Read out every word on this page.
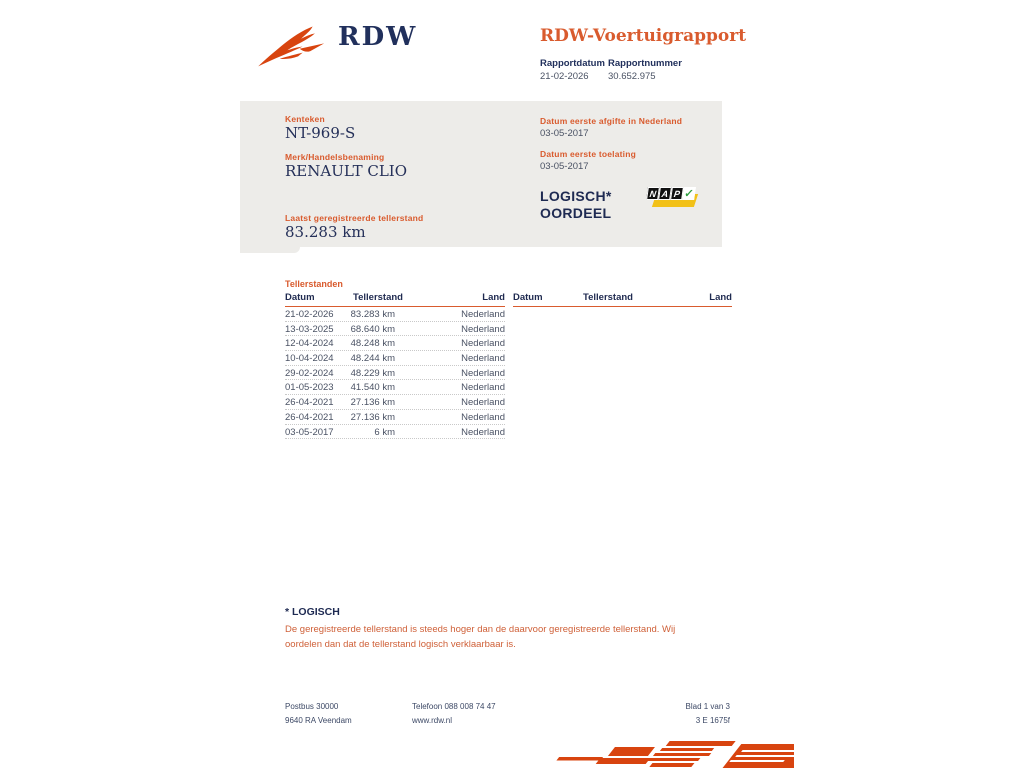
RDW	RDW-Voertuigrapport
Rapportdatum
21-02-2026
Rapportnummer
30.652.975
Kenteken
NT-969-S
Merk/Handelsbenaming
RENAULT CLIO
Laatst geregistreerde tellerstand
83.283 km
Datum eerste afgifte in Nederland
03-05-2017
Datum eerste toelating
03-05-2017
LOGISCH*
OORDEEL
N A P ✓
Tellerstanden
Datum	Tellerstand	Land
21-02-2026 83.283 km	Nederland
13-03-2025 68.640 km	Nederland
12-04-2024 48.248 km	Nederland
10-04-2024 48.244 km	Nederland
29-02-2024 48.229 km	Nederland
01-05-2023 41.540 km	Nederland
26-04-2021 27.136 km	Nederland
26-04-2021 27.136 km	Nederland
03-05-2017	6 km	Nederland
Datum	Tellerstand	Land
* LOGISCH
De geregistreerde tellerstand is steeds hoger dan de daarvoor geregistreerde tellerstand. Wij oordelen dan dat de tellerstand logisch verklaarbaar is.
Postbus 30000
9640 RA Veendam
Telefoon 088 008 74 47
www.rdw.nl
Blad 1 van 3
3 E 1675f
